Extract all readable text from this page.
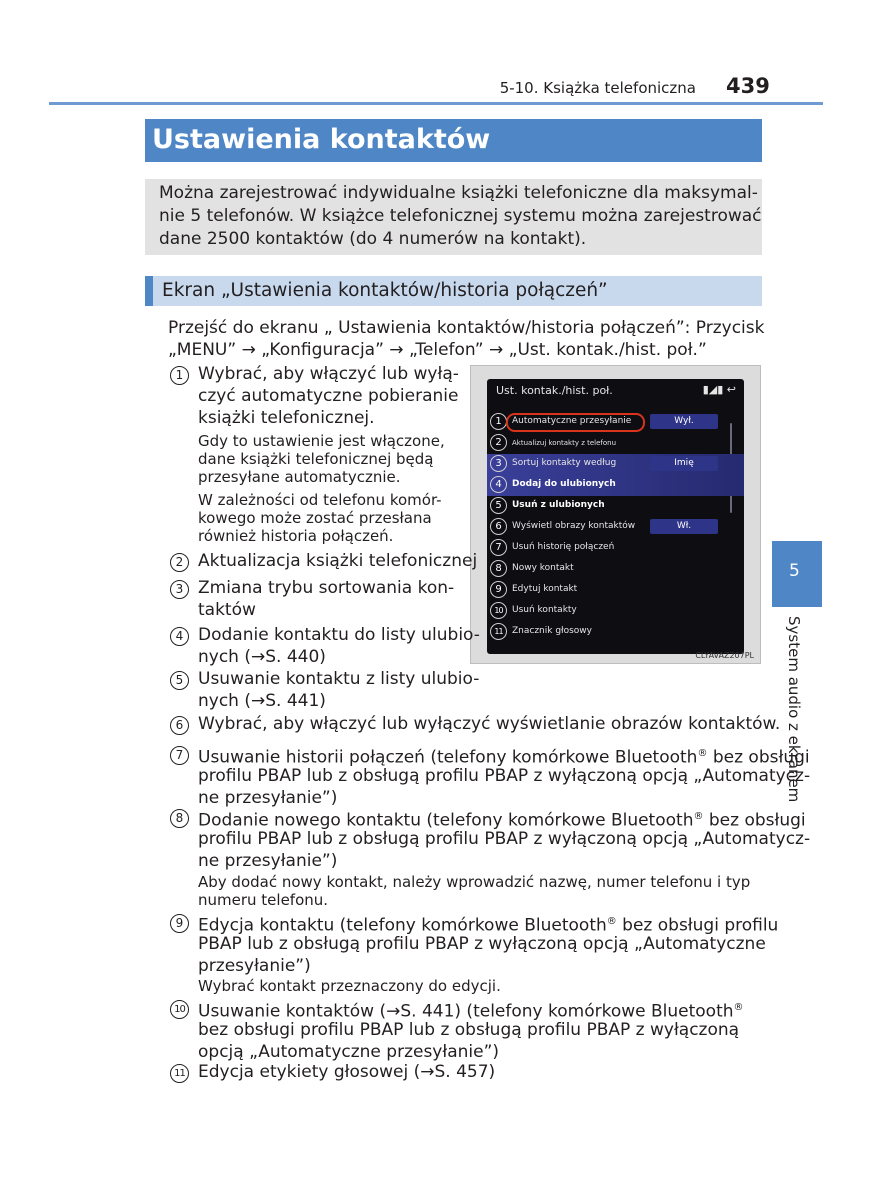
5-10. Książka telefoniczna 439
Ustawienia kontaktów
Można zarejestrować indywidualne książki telefoniczne dla maksymal-
nie 5 telefonów. W książce telefonicznej systemu można zarejestrować
dane 2500 kontaktów (do 4 numerów na kontakt).
Ekran „Ustawienia kontaktów/historia połączeń”
Przejść do ekranu „ Ustawienia kontaktów/historia połączeń”: Przycisk
„MENU” → „Konfiguracja” → „Telefon” → „Ust. kontak./hist. poł.”
Ust. kontak./hist. poł.	▮◢▮ ↩
1	Automatyczne przesyłanie	Wył.
2	Aktualizuj kontakty z telefonu
3	Sortuj kontakty według	Imię
4	Dodaj do ulubionych
5	Usuń z ulubionych
6	Wyświetl obrazy kontaktów	Wł.
7	Usuń historię połączeń
8	Nowy kontakt
9	Edytuj kontakt
10	Usuń kontakty
11	Znacznik głosowy
CLYAVAZ207PL
1 Wybrać, aby włączyć lub wyłą-
czyć automatyczne pobieranie
książki telefonicznej.
Gdy to ustawienie jest włączone,
dane książki telefonicznej będą
przesyłane automatycznie.
W zależności od telefonu komór-
kowego może zostać przesłana
również historia połączeń.
2 Aktualizacja książki telefonicznej
3 Zmiana trybu sortowania kon-
taktów
4 Dodanie kontaktu do listy ulubio-
nych (→S. 440)
5 Usuwanie kontaktu z listy ulubio-
nych (→S. 441)
6 Wybrać, aby włączyć lub wyłączyć wyświetlanie obrazów kontaktów.
7 Usuwanie historii połączeń (telefony komórkowe Bluetooth® bez obsługi
profilu PBAP lub z obsługą profilu PBAP z wyłączoną opcją „Automatycz-
ne przesyłanie”)
8 Dodanie nowego kontaktu (telefony komórkowe Bluetooth® bez obsługi
profilu PBAP lub z obsługą profilu PBAP z wyłączoną opcją „Automatycz-
ne przesyłanie”)
Aby dodać nowy kontakt, należy wprowadzić nazwę, numer telefonu i typ
numeru telefonu.
9 Edycja kontaktu (telefony komórkowe Bluetooth® bez obsługi profilu
PBAP lub z obsługą profilu PBAP z wyłączoną opcją „Automatyczne
przesyłanie”)
Wybrać kontakt przeznaczony do edycji.
10 Usuwanie kontaktów (→S. 441) (telefony komórkowe Bluetooth®
bez obsługi profilu PBAP lub z obsługą profilu PBAP z wyłączoną
opcją „Automatyczne przesyłanie”)
11 Edycja etykiety głosowej (→S. 457)
5
System audio z ekranem
